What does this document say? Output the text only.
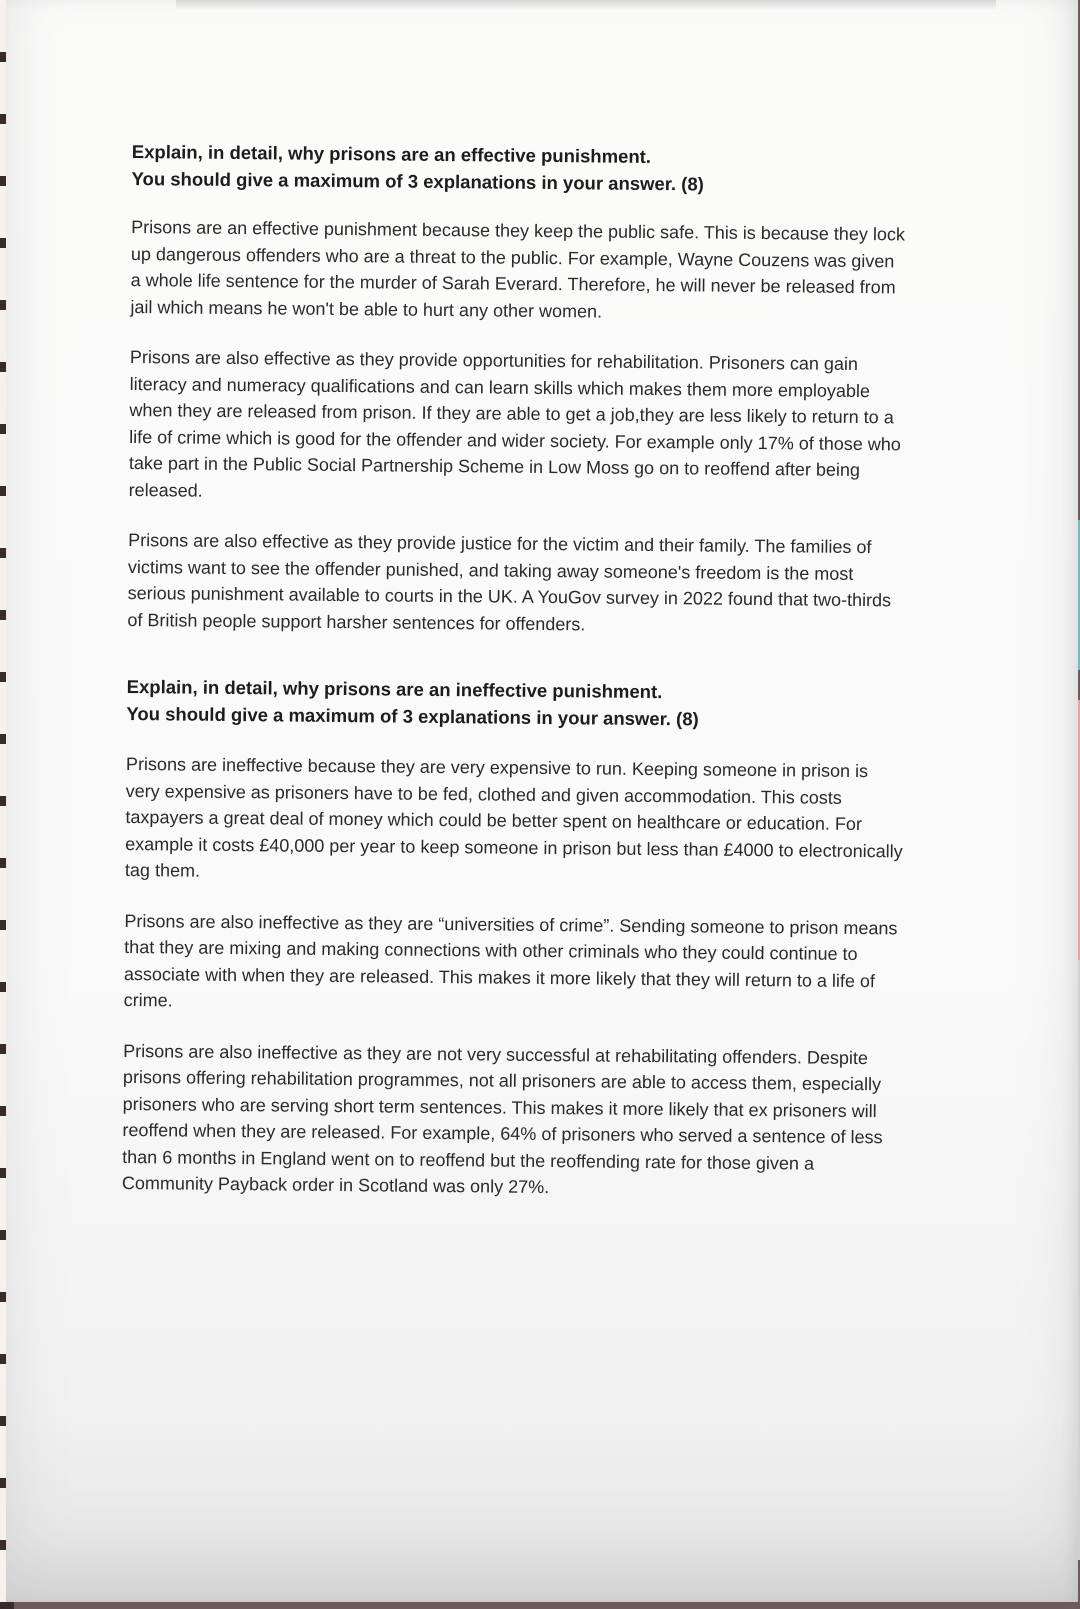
Explain, in detail, why prisons are an effective punishment.
You should give a maximum of 3 explanations in your answer. (8)

Prisons are an effective punishment because they keep the public safe. This is because they lock up dangerous offenders who are a threat to the public. For example, Wayne Couzens was given a whole life sentence for the murder of Sarah Everard. Therefore, he will never be released from jail which means he won't be able to hurt any other women.

Prisons are also effective as they provide opportunities for rehabilitation. Prisoners can gain literacy and numeracy qualifications and can learn skills which makes them more employable when they are released from prison. If they are able to get a job,they are less likely to return to a life of crime which is good for the offender and wider society. For example only 17% of those who take part in the Public Social Partnership Scheme in Low Moss go on to reoffend after being released.

Prisons are also effective as they provide justice for the victim and their family. The families of victims want to see the offender punished, and taking away someone's freedom is the most serious punishment available to courts in the UK. A YouGov survey in 2022 found that two-thirds of British people support harsher sentences for offenders.

Explain, in detail, why prisons are an ineffective punishment.
You should give a maximum of 3 explanations in your answer. (8)

Prisons are ineffective because they are very expensive to run. Keeping someone in prison is very expensive as prisoners have to be fed, clothed and given accommodation. This costs taxpayers a great deal of money which could be better spent on healthcare or education. For example it costs £40,000 per year to keep someone in prison but less than £4000 to electronically tag them.

Prisons are also ineffective as they are “universities of crime”. Sending someone to prison means that they are mixing and making connections with other criminals who they could continue to associate with when they are released. This makes it more likely that they will return to a life of crime.

Prisons are also ineffective as they are not very successful at rehabilitating offenders. Despite prisons offering rehabilitation programmes, not all prisoners are able to access them, especially prisoners who are serving short term sentences. This makes it more likely that ex prisoners will reoffend when they are released. For example, 64% of prisoners who served a sentence of less than 6 months in England went on to reoffend but the reoffending rate for those given a Community Payback order in Scotland was only 27%.
